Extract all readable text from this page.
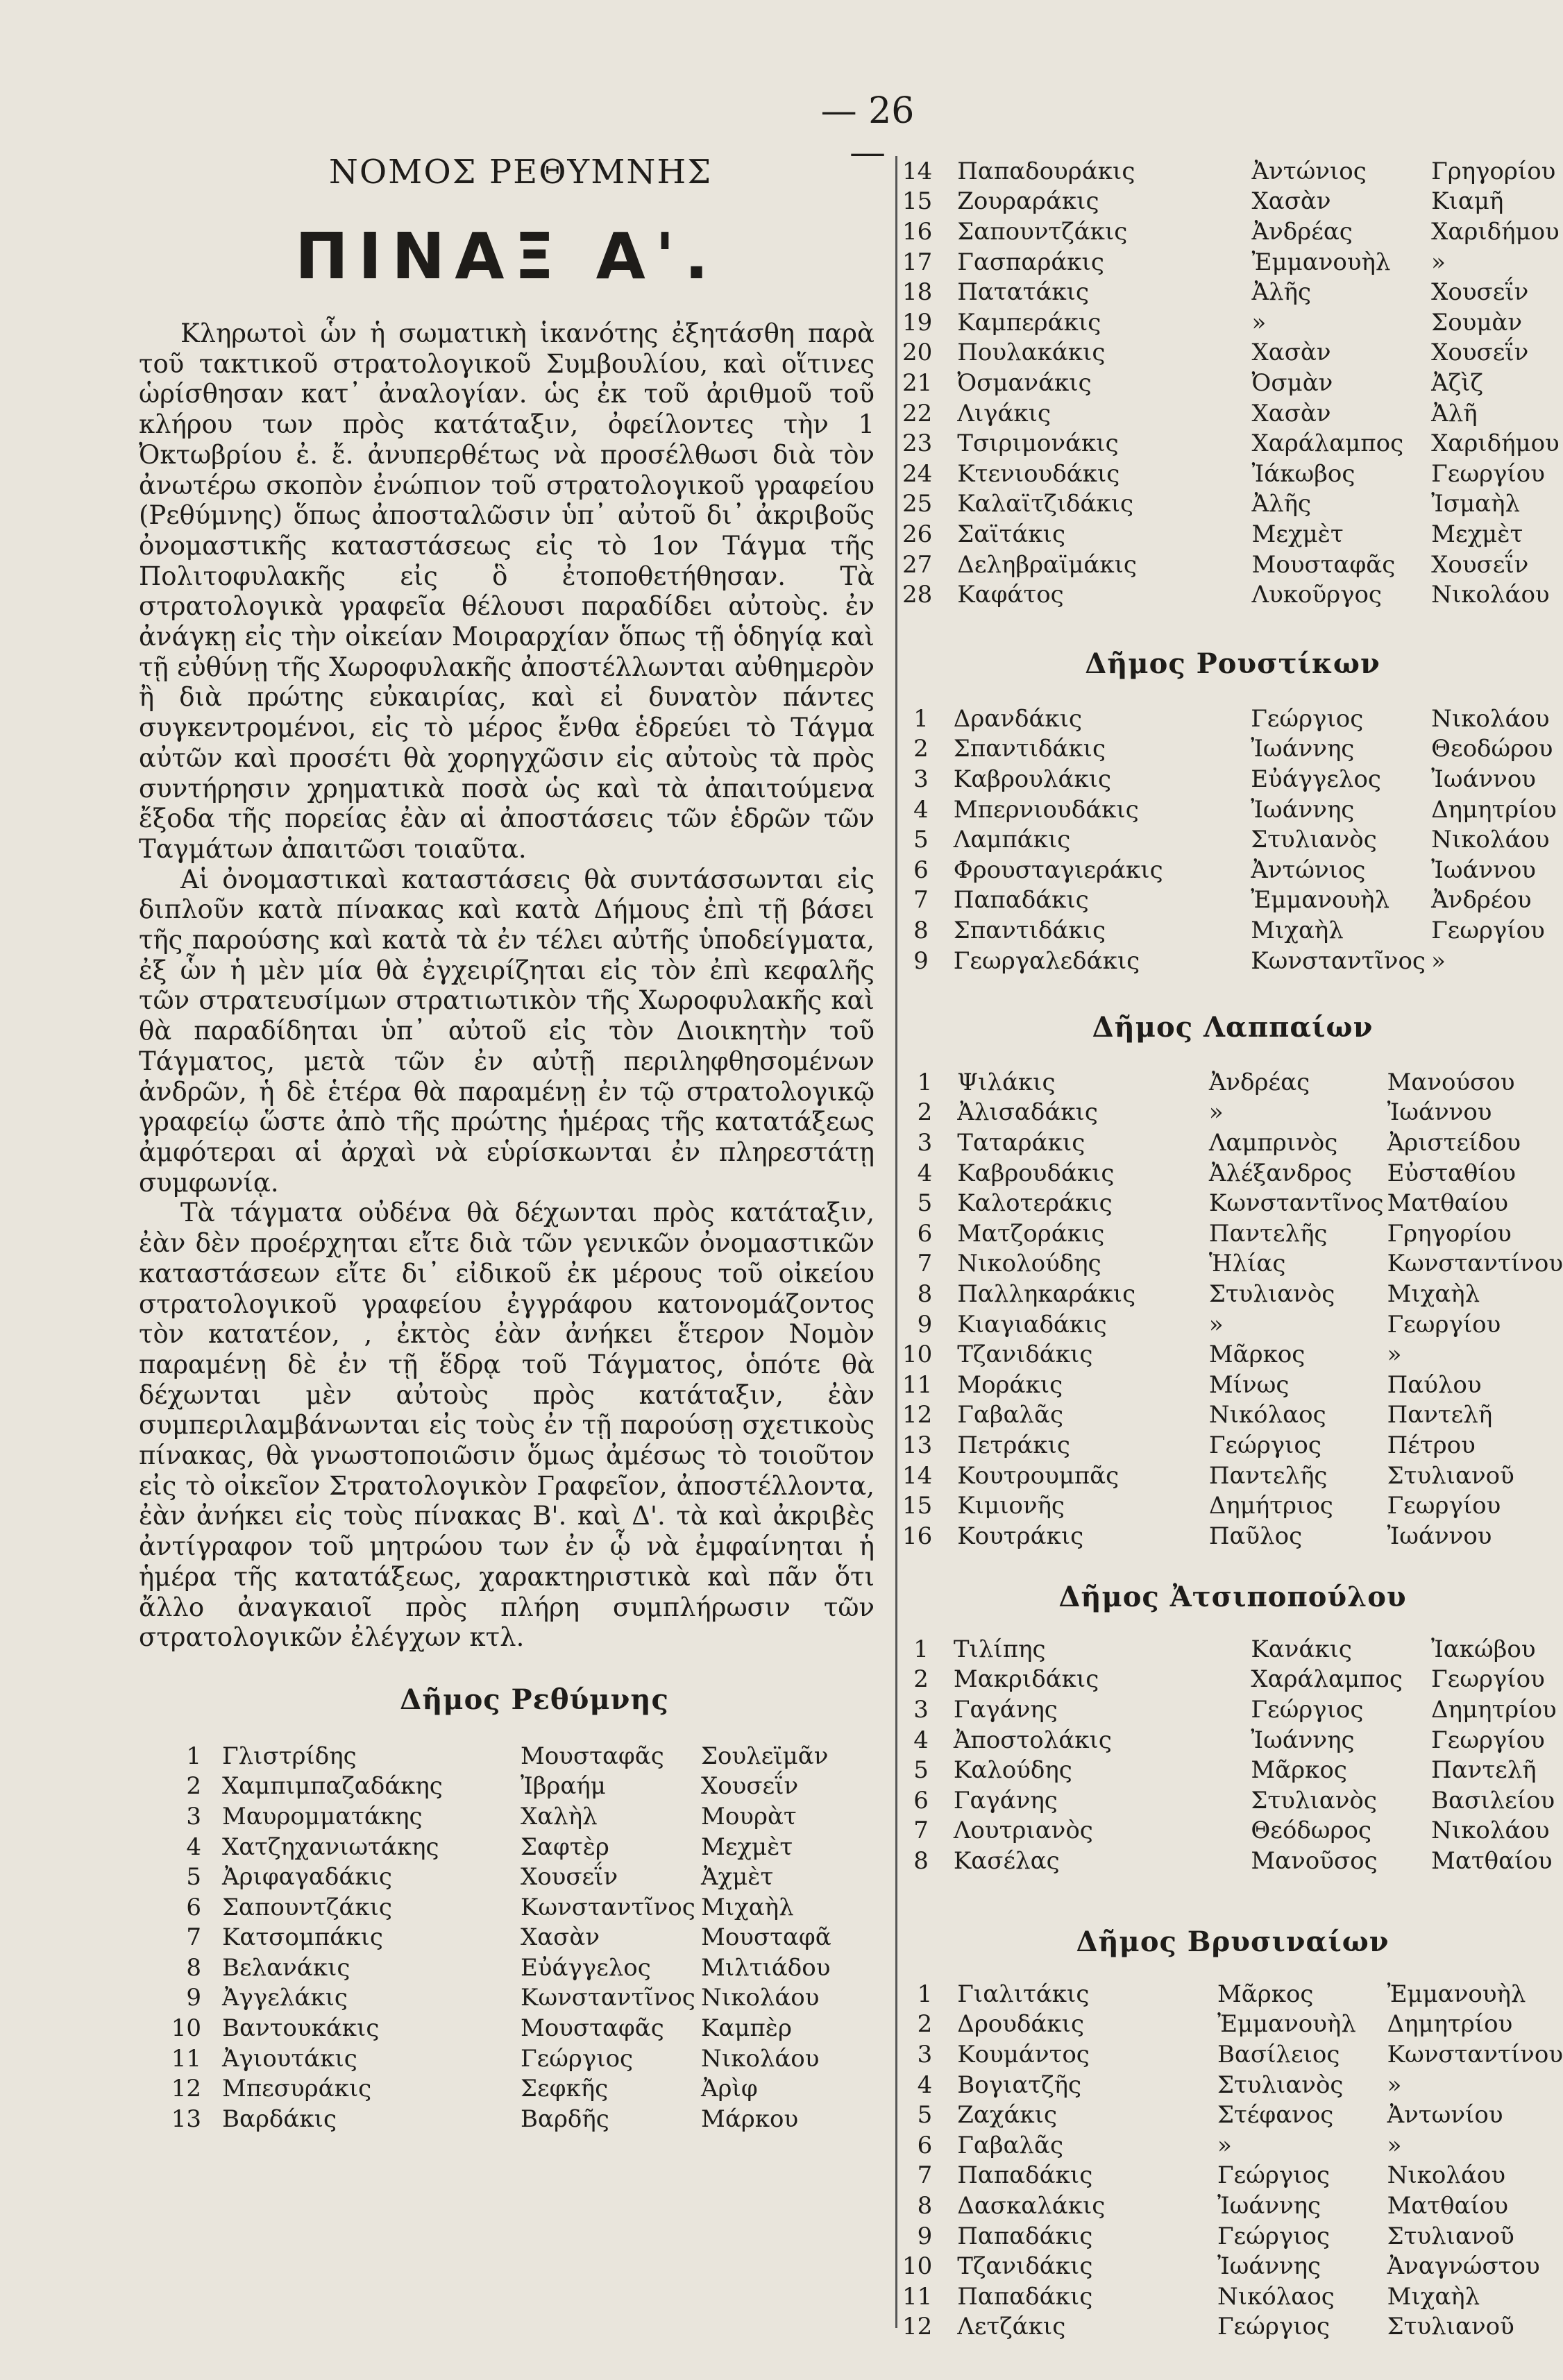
— 26 —
ΝΟΜΟΣ ΡΕΘΥΜΝΗΣ
ΠΙΝΑΞ Α'.

Κληρωτοὶ ὧν ἡ σωματικὴ ἱκανότης ἐξητάσθη παρὰ τοῦ τακτικοῦ στρατολογικοῦ Συμβουλίου, καὶ οἵτινες ὡρίσθησαν κατ᾽ ἀναλογίαν. ὡς ἐκ τοῦ ἀριθμοῦ τοῦ κλήρου των πρὸς κατάταξιν, ὀφείλοντες τὴν 1 Ὀκτωβρίου ἐ. ἔ. ἀνυπερθέτως νὰ προσέλθωσι διὰ τὸν ἀνωτέρω σκοπὸν ἐνώπιον τοῦ στρατολογικοῦ γραφείου (Ρεθύμνης) ὅπως ἀποσταλῶσιν ὑπ᾽ αὐτοῦ δι᾽ ἀκριβοῦς ὀνομαστικῆς καταστάσεως εἰς τὸ 1ον Τάγμα τῆς Πολιτοφυλακῆς εἰς ὃ ἐτοποθετήθησαν. Τὰ στρατολογικὰ γραφεῖα θέλουσι παραδίδει αὐτοὺς. ἐν ἀνάγκῃ εἰς τὴν οἰκείαν Μοιραρχίαν ὅπως τῇ ὁδηγίᾳ καὶ τῇ εὐθύνῃ τῆς Χωροφυλακῆς ἀποστέλλωνται αὐθημερὸν ἢ διὰ πρώτης εὐκαιρίας, καὶ εἰ δυνατὸν πάντες συγκεντρομένοι, εἰς τὸ μέρος ἔνθα ἑδρεύει τὸ Τάγμα αὐτῶν καὶ προσέτι θὰ χορηγχῶσιν εἰς αὐτοὺς τὰ πρὸς συντήρησιν χρηματικὰ ποσὰ ὡς καὶ τὰ ἀπαιτούμενα ἔξοδα τῆς πορείας ἐὰν αἱ ἀποστάσεις τῶν ἑδρῶν τῶν Ταγμάτων ἀπαιτῶσι τοιαῦτα.

Αἱ ὀνομαστικαὶ καταστάσεις θὰ συντάσσωνται εἰς διπλοῦν κατὰ πίνακας καὶ κατὰ Δήμους ἐπὶ τῇ βάσει τῆς παρούσης καὶ κατὰ τὰ ἐν τέλει αὐτῆς ὑποδείγματα, ἐξ ὧν ἡ μὲν μία θὰ ἐγχειρίζηται εἰς τὸν ἐπὶ κεφαλῆς τῶν στρατευσίμων στρατιωτικὸν τῆς Χωροφυλακῆς καὶ θὰ παραδίδηται ὑπ᾽ αὐτοῦ εἰς τὸν Διοικητὴν τοῦ Τάγματος, μετὰ τῶν ἐν αὐτῇ περιληφθησομένων ἀνδρῶν, ἡ δὲ ἑτέρα θὰ παραμένῃ ἐν τῷ στρατολογικῷ γραφείῳ ὥστε ἀπὸ τῆς πρώτης ἡμέρας τῆς κατατάξεως ἀμφότεραι αἱ ἀρχαὶ νὰ εὑρίσκωνται ἐν πληρεστάτῃ συμφωνίᾳ.

Τὰ τάγματα οὐδένα θὰ δέχωνται πρὸς κατάταξιν, ἐὰν δὲν προέρχηται εἴτε διὰ τῶν γενικῶν ὀνομαστικῶν καταστάσεων εἴτε δι᾽ εἰδικοῦ ἐκ μέρους τοῦ οἰκείου στρατολογικοῦ γραφείου ἐγγράφου κατονομάζοντος τὸν κατατέον, , ἐκτὸς ἐὰν ἀνήκει ἕτερον Νομὸν παραμένῃ δὲ ἐν τῇ ἕδρᾳ τοῦ Τάγματος, ὁπότε θὰ δέχωνται μὲν αὐτοὺς πρὸς κατάταξιν, ἐὰν συμπεριλαμβάνωνται εἰς τοὺς ἐν τῇ παρούσῃ σχετικοὺς πίνακας, θὰ γνωστοποιῶσιν ὅμως ἀμέσως τὸ τοιοῦτον εἰς τὸ οἰκεῖον Στρατολογικὸν Γραφεῖον, ἀποστέλλοντα, ἐὰν ἀνήκει εἰς τοὺς πίνακας Β'. καὶ Δ'. τὰ καὶ ἀκριβὲς ἀντίγραφον τοῦ μητρώου των ἐν ᾧ νὰ ἐμφαίνηται ἡ ἡμέρα τῆς κατατάξεως, χαρακτηριστικὰ καὶ πᾶν ὅτι ἄλλο ἀναγκαιοῖ πρὸς πλήρη συμπλήρωσιν τῶν στρατολογικῶν ἐλέγχων κτλ.

Δῆμος Ρεθύμνης
1	Γλιστρίδης	Μουσταφᾶς	Σουλεϊμᾶν
2	Χαμπιμπαζαδάκης	Ἰβραήμ	Χουσεΐν
3	Μαυρομματάκης	Χαλὴλ	Μουρὰτ
4	Χατζηχανιωτάκης	Σαφτὲρ	Μεχμὲτ
5	Ἀριφαγαδάκις	Χουσεΐν	Ἀχμὲτ
6	Σαπουντζάκις	Κωνσταντῖνος	Μιχαὴλ
7	Κατσομπάκις	Χασὰν	Μουσταφᾶ
8	Βελανάκις	Εὐάγγελος	Μιλτιάδου
9	Ἀγγελάκις	Κωνσταντῖνος	Νικολάου
10	Βαντουκάκις	Μουσταφᾶς	Καμπὲρ
11	Ἀγιουτάκις	Γεώργιος	Νικολάου
12	Μπεσυράκις	Σεφκῆς	Ἀρὶφ
13	Βαρδάκις	Βαρδῆς	Μάρκου
14	Παπαδουράκις	Ἀντώνιος	Γρηγορίου
15	Ζουραράκις	Χασὰν	Κιαμῆ
16	Σαπουντζάκις	Ἀνδρέας	Χαριδήμου
17	Γασπαράκις	Ἐμμανουὴλ	»
18	Πατατάκις	Ἀλῆς	Χουσεΐν
19	Καμπεράκις	»	Σουμὰν
20	Πουλακάκις	Χασὰν	Χουσεΐν
21	Ὀσμανάκις	Ὀσμὰν	Ἀζὶζ
22	Λιγάκις	Χασὰν	Ἀλῆ
23	Τσιριμονάκις	Χαράλαμπος	Χαριδήμου
24	Κτενιουδάκις	Ἰάκωβος	Γεωργίου
25	Καλαϊτζιδάκις	Ἀλῆς	Ἰσμαὴλ
26	Σαϊτάκις	Μεχμὲτ	Μεχμὲτ
27	Δεληβραϊμάκις	Μουσταφᾶς	Χουσεΐν
28	Καφάτος	Λυκοῦργος	Νικολάου
Δῆμος Ρουστίκων
1	Δρανδάκις	Γεώργιος	Νικολάου
2	Σπαντιδάκις	Ἰωάννης	Θεοδώρου
3	Καβρουλάκις	Εὐάγγελος	Ἰωάννου
4	Μπερνιουδάκις	Ἰωάννης	Δημητρίου
5	Λαμπάκις	Στυλιανὸς	Νικολάου
6	Φρουσταγιεράκις	Ἀντώνιος	Ἰωάννου
7	Παπαδάκις	Ἐμμανουὴλ	Ἀνδρέου
8	Σπαντιδάκις	Μιχαὴλ	Γεωργίου
9	Γεωργαλεδάκις	Κωνσταντῖνος	»
Δῆμος Λαππαίων
1	Ψιλάκις	Ἀνδρέας	Μανούσου
2	Ἀλισαδάκις	»	Ἰωάννου
3	Ταταράκις	Λαμπρινὸς	Ἀριστείδου
4	Καβρουδάκις	Ἀλέξανδρος	Εὐσταθίου
5	Καλοτεράκις	Κωνσταντῖνος	Ματθαίου
6	Ματζοράκις	Παντελῆς	Γρηγορίου
7	Νικολούδης	Ἡλίας	Κωνσταντίνου
8	Παλληκαράκις	Στυλιανὸς	Μιχαὴλ
9	Κιαγιαδάκις	»	Γεωργίου
10	Τζανιδάκις	Μᾶρκος	»
11	Μοράκις	Μίνως	Παύλου
12	Γαβαλᾶς	Νικόλαος	Παντελῆ
13	Πετράκις	Γεώργιος	Πέτρου
14	Κουτρουμπᾶς	Παντελῆς	Στυλιανοῦ
15	Κιμιονῆς	Δημήτριος	Γεωργίου
16	Κουτράκις	Παῦλος	Ἰωάννου
Δῆμος Ἀτσιποπούλου
1	Τιλίπης	Κανάκις	Ἰακώβου
2	Μακριδάκις	Χαράλαμπος	Γεωργίου
3	Γαγάνης	Γεώργιος	Δημητρίου
4	Ἀποστολάκις	Ἰωάννης	Γεωργίου
5	Καλούδης	Μᾶρκος	Παντελῆ
6	Γαγάνης	Στυλιανὸς	Βασιλείου
7	Λουτριανὸς	Θεόδωρος	Νικολάου
8	Κασέλας	Μανοῦσος	Ματθαίου
Δῆμος Βρυσιναίων
1	Γιαλιτάκις	Μᾶρκος	Ἐμμανουὴλ
2	Δρουδάκις	Ἐμμανουὴλ	Δημητρίου
3	Κουμάντος	Βασίλειος	Κωνσταντίνου
4	Βογιατζῆς	Στυλιανὸς	»
5	Ζαχάκις	Στέφανος	Ἀντωνίου
6	Γαβαλᾶς	»	»
7	Παπαδάκις	Γεώργιος	Νικολάου
8	Δασκαλάκις	Ἰωάννης	Ματθαίου
9	Παπαδάκις	Γεώργιος	Στυλιανοῦ
10	Τζανιδάκις	Ἰωάννης	Ἀναγνώστου
11	Παπαδάκις	Νικόλαος	Μιχαὴλ
12	Λετζάκις	Γεώργιος	Στυλιανοῦ
